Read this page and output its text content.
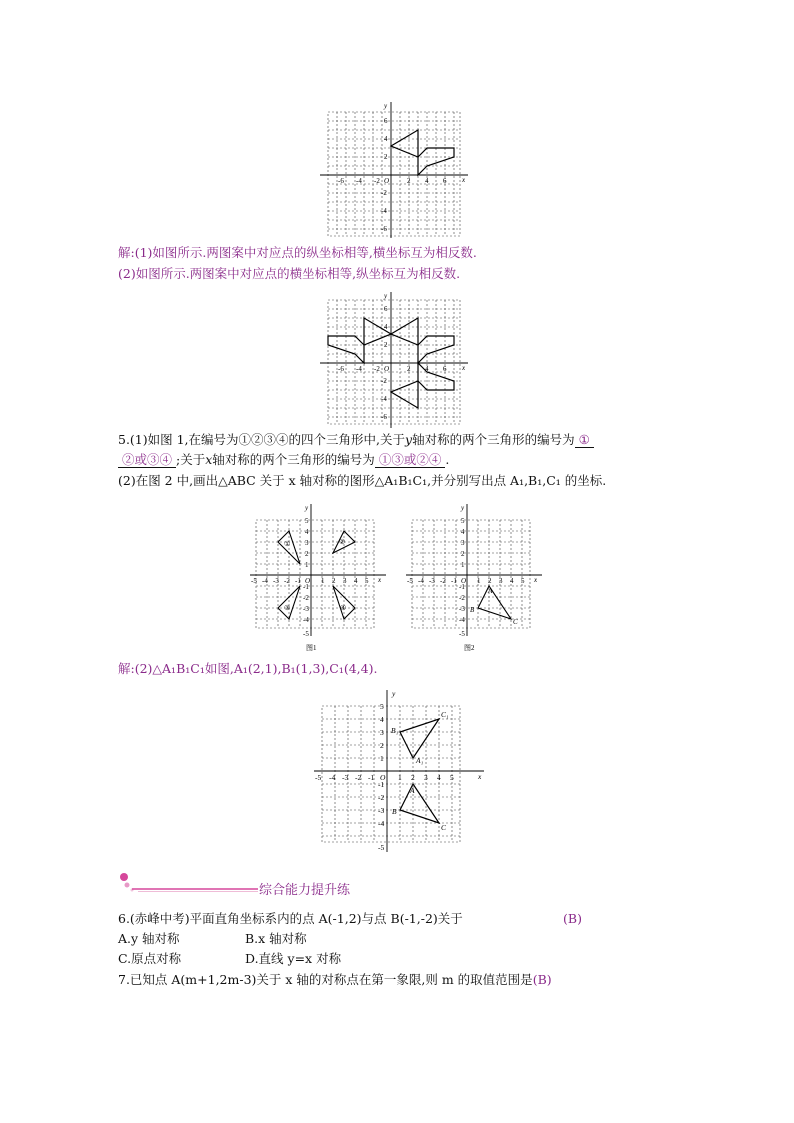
-6 -4 -2 O	2 4 6
6
4
2
-2
-4
-6
x
y
解:(1)如图所示.两图案中对应点的纵坐标相等,横坐标互为相反数.
(2)如图所示.两图案中对应点的横坐标相等,纵坐标互为相反数.
-6 -4 -2 O	2 4 6
6
4
2
-2
-4
-6
x
y
5.(1)如图 1,在编号为①②③④的四个三角形中,关于y轴对称的两个三角形的编号为 ①
②或③④ ;关于x轴对称的两个三角形的编号为 ①③或②④ .
(2)在图 2 中,画出△ABC 关于 x 轴对称的图形△A₁B₁C₁,并分别写出点 A₁,B₁,C₁ 的坐标.
①	②
③	④
-5 -4 -3 -2 -1 O 1 2 3 4 5
5
4
3
2
1
-1
-2
-3
-4
-5
x
y
图1
A
B
C
-5 -4 -3 -2 -1 O 1 2 3 4 5
5
4
3
2
1
-1
-2
-3
-4
-5
x
y
图2
解:(2)△A₁B₁C₁如图,A₁(2,1),B₁(1,3),C₁(4,4).
B₁
C₁
A₁
A
B
C
-5 -4 -3 -2 -1 O 1 2 3 4 5
5
4
3
2
1
-1
-2
-3
-4
-5
x
y
综合能力提升练
6.(赤峰中考)平面直角坐标系内的点 A(-1,2)与点 B(-1,-2)关于	(B)
A.y 轴对称	B.x 轴对称
C.原点对称	D.直线 y=x 对称
7.已知点 A(m+1,2m-3)关于 x 轴的对称点在第一象限,则 m 的取值范围是(B)
